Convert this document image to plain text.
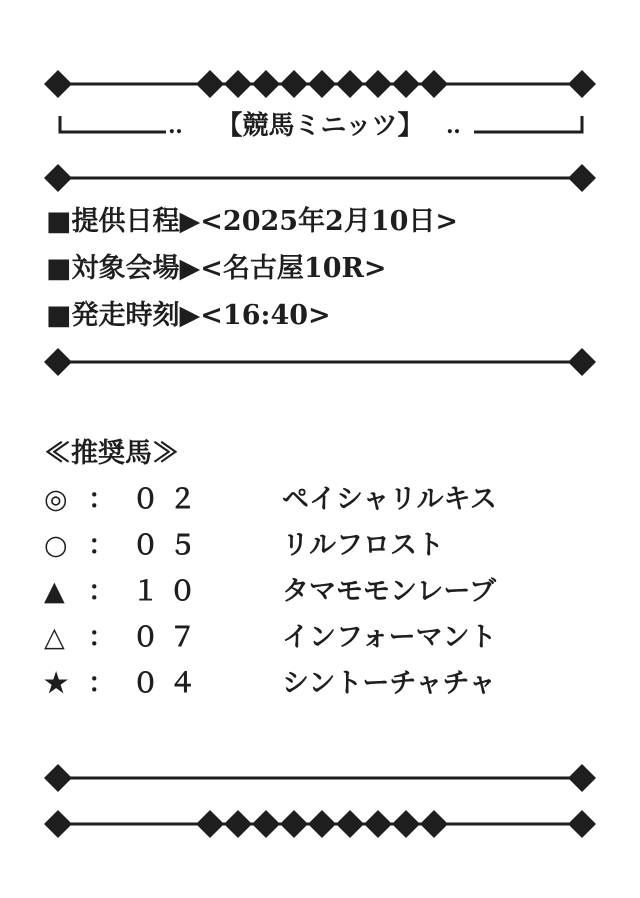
‥	【競馬ミニッツ】	‥
■提供日程▶<2025年2月10日>
■対象会場▶<名古屋10R>
■発走時刻▶<16:40>
≪推奨馬≫
◎ ： ０２	ペイシャリルキス
○ ： ０５	リルフロスト
▲ ： １０	タマモモンレーブ
△ ： ０７	インフォーマント
★ ： ０４	シントーチャチャ
